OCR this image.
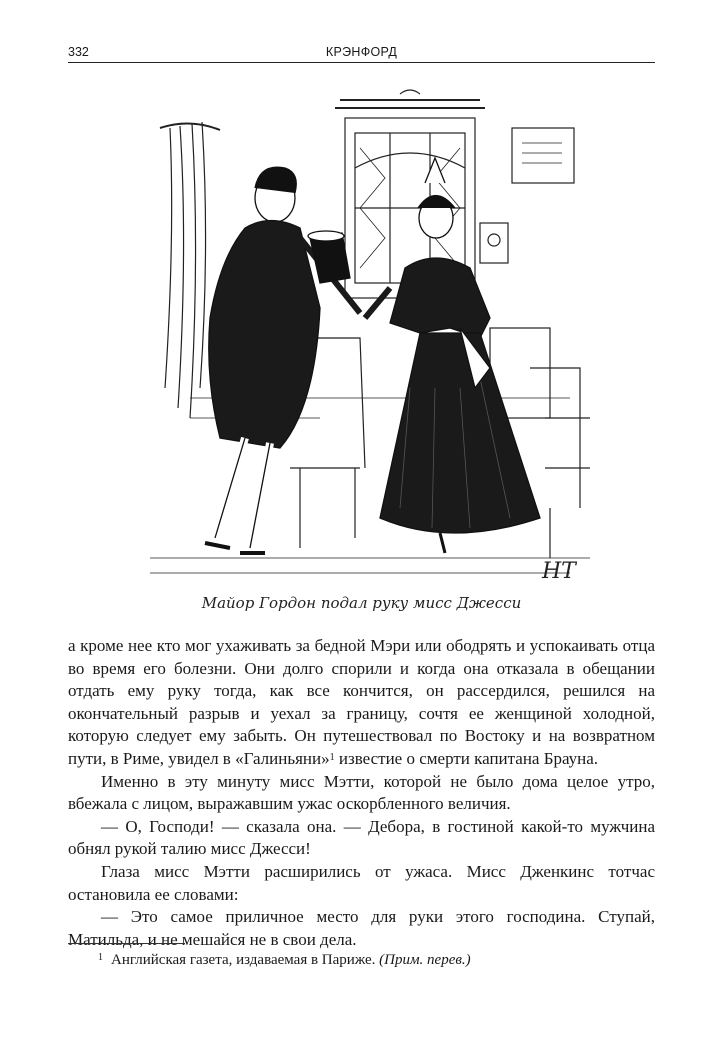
332	КРЭНФОРД
HT
Майор Гордон подал руку мисс Джесси

а кроме нее кто мог ухаживать за бедной Мэри или ободрять и успокаивать отца во время его болезни. Они долго спорили и когда она отказала в обещании отдать ему руку тогда, как все кончится, он рассердился, решился на окончательный разрыв и уехал за границу, сочтя ее женщиной холодной, которую следует ему забыть. Он путешествовал по Востоку и на возвратном пути, в Риме, увидел в «Галиньяни»$^1$ известие о смерти капитана Брауна.

Именно в эту минуту мисс Мэтти, которой не было дома целое утро, вбежала с лицом, выражавшим ужас оскорбленного величия.

— О, Господи! — сказала она. — Дебора, в гостиной какой-то мужчина обнял рукой талию мисс Джесси!

Глаза мисс Мэтти расширились от ужаса. Мисс Дженкинс тотчас остановила ее словами:

— Это самое приличное место для руки этого господина. Ступай, Матильда, и не мешайся не в свои дела.

$^1$ Английская газета, издаваемая в Париже. (Прим. перев.)
